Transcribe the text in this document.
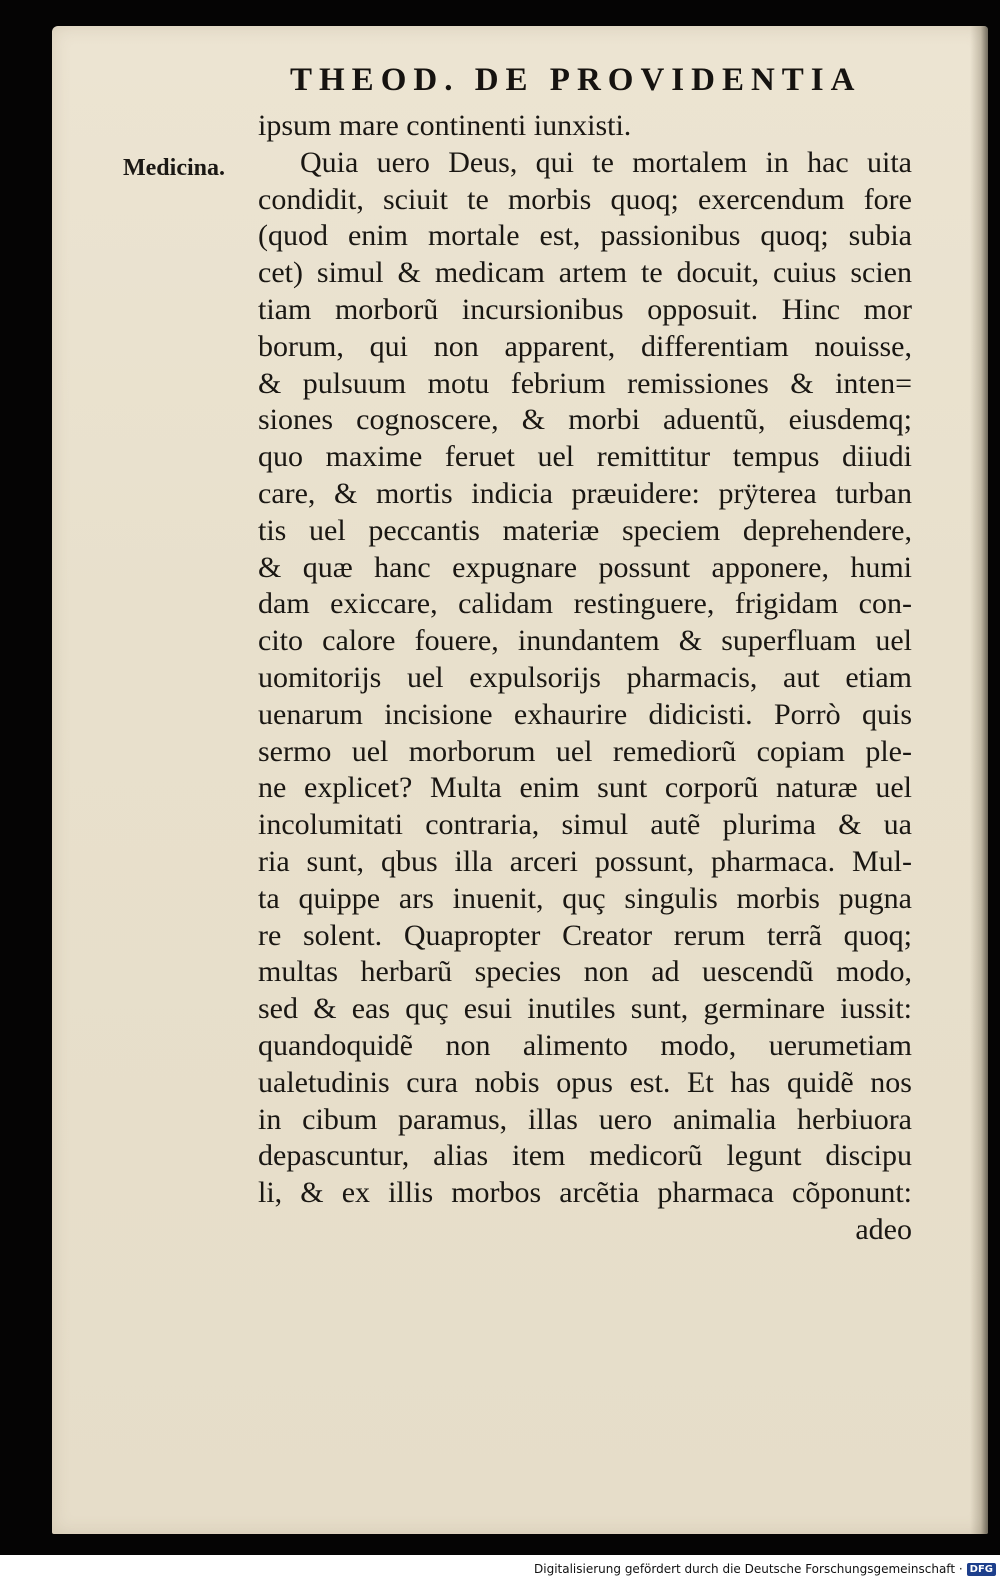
THEOD. DE PROVIDENTIA
Medicina.
ipsum mare continenti iunxisti.
Quia uero Deus, qui te mortalem in hac uita
condidit, sciuit te morbis quoq; exercendum fore
(quod enim mortale est, passionibus quoq; subia
cet) simul & medicam artem te docuit, cuius scien
tiam morborũ incursionibus opposuit. Hinc mor
borum, qui non apparent, differentiam nouisse,
& pulsuum motu febrium remissiones & inten=
siones cognoscere, & morbi aduentũ, eiusdemq;
quo maxime feruet uel remittitur tempus diiudi
care, & mortis indicia præuidere: prÿterea turban
tis uel peccantis materiæ speciem deprehendere,
& quæ hanc expugnare possunt apponere, humi
dam exiccare, calidam restinguere, frigidam con-
cito calore fouere, inundantem & superfluam uel
uomitorijs uel expulsorijs pharmacis, aut etiam
uenarum incisione exhaurire didicisti. Porrò quis
sermo uel morborum uel remediorũ copiam ple-
ne explicet? Multa enim sunt corporũ naturæ uel
incolumitati contraria, simul autẽ plurima & ua
ria sunt, qbus illa arceri possunt, pharmaca. Mul-
ta quippe ars inuenit, quç singulis morbis pugna
re solent. Quapropter Creator rerum terrã quoq;
multas herbarũ species non ad uescendũ modo,
sed & eas quç esui inutiles sunt, germinare iussit:
quandoquidẽ non alimento modo, uerumetiam
ualetudinis cura nobis opus est. Et has quidẽ nos
in cibum paramus, illas uero animalia herbiuora
depascuntur, alias item medicorũ legunt discipu
li, & ex illis morbos arcẽtia pharmaca cõponunt:
adeo
Digitalisierung gefördert durch die Deutsche Forschungsgemeinschaft · DFG
